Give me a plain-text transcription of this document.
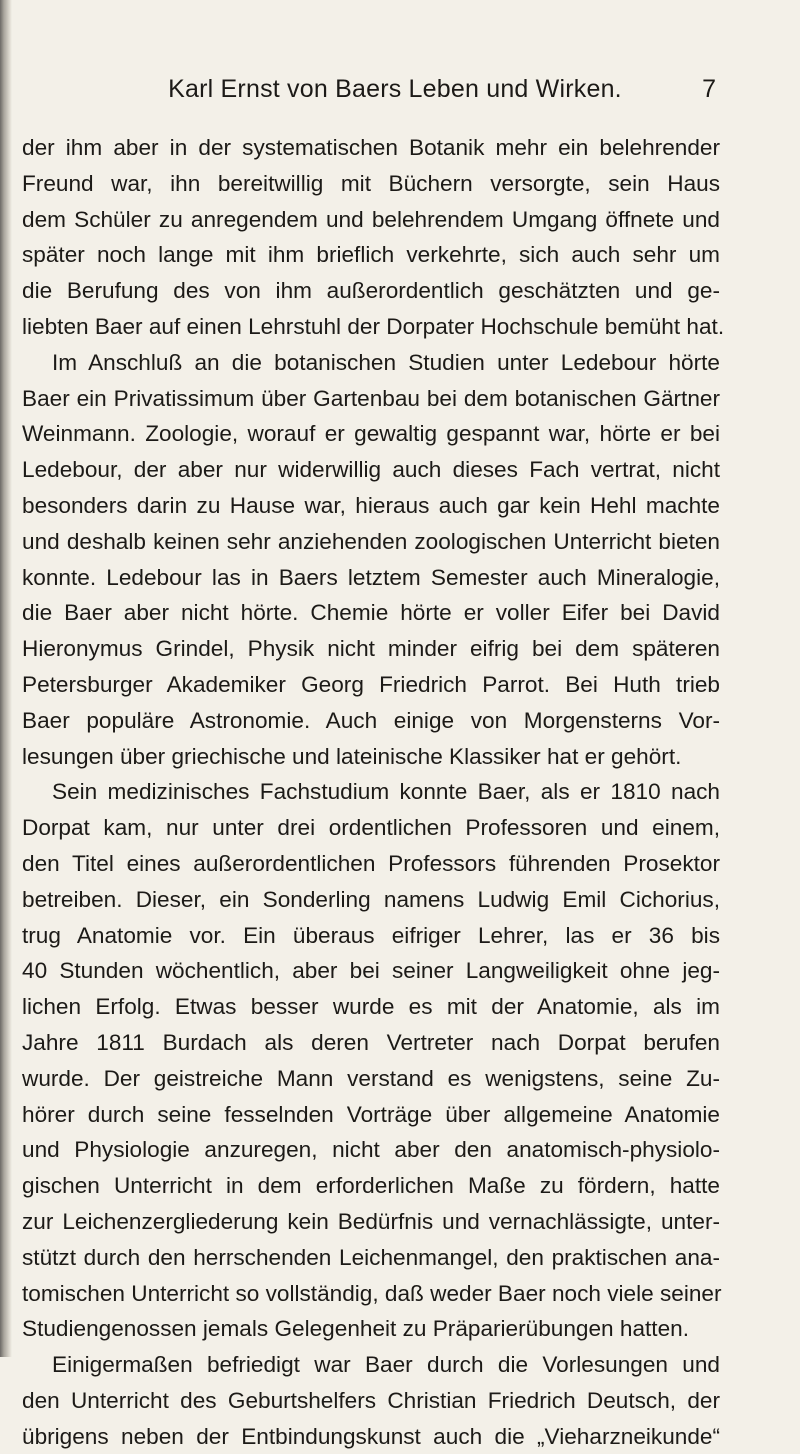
Karl Ernst von Baers Leben und Wirken.	7
der ihm aber in der systematischen Botanik mehr ein belehrender
Freund war, ihn bereitwillig mit Büchern versorgte, sein Haus
dem Schüler zu anregendem und belehrendem Umgang öffnete und
später noch lange mit ihm brieflich verkehrte, sich auch sehr um
die Berufung des von ihm außerordentlich geschätzten und ge-
liebten Baer auf einen Lehrstuhl der Dorpater Hochschule bemüht hat.
Im Anschluß an die botanischen Studien unter Ledebour hörte
Baer ein Privatissimum über Gartenbau bei dem botanischen Gärtner
Weinmann. Zoologie, worauf er gewaltig gespannt war, hörte er bei
Ledebour, der aber nur widerwillig auch dieses Fach vertrat, nicht
besonders darin zu Hause war, hieraus auch gar kein Hehl machte
und deshalb keinen sehr anziehenden zoologischen Unterricht bieten
konnte. Ledebour las in Baers letztem Semester auch Mineralogie,
die Baer aber nicht hörte. Chemie hörte er voller Eifer bei David
Hieronymus Grindel, Physik nicht minder eifrig bei dem späteren
Petersburger Akademiker Georg Friedrich Parrot. Bei Huth trieb
Baer populäre Astronomie. Auch einige von Morgensterns Vor-
lesungen über griechische und lateinische Klassiker hat er gehört.
Sein medizinisches Fachstudium konnte Baer, als er 1810 nach
Dorpat kam, nur unter drei ordentlichen Professoren und einem,
den Titel eines außerordentlichen Professors führenden Prosektor
betreiben. Dieser, ein Sonderling namens Ludwig Emil Cichorius,
trug Anatomie vor. Ein überaus eifriger Lehrer, las er 36 bis
40 Stunden wöchentlich, aber bei seiner Langweiligkeit ohne jeg-
lichen Erfolg. Etwas besser wurde es mit der Anatomie, als im
Jahre 1811 Burdach als deren Vertreter nach Dorpat berufen
wurde. Der geistreiche Mann verstand es wenigstens, seine Zu-
hörer durch seine fesselnden Vorträge über allgemeine Anatomie
und Physiologie anzuregen, nicht aber den anatomisch-physiolo-
gischen Unterricht in dem erforderlichen Maße zu fördern, hatte
zur Leichenzergliederung kein Bedürfnis und vernachlässigte, unter-
stützt durch den herrschenden Leichenmangel, den praktischen ana-
tomischen Unterricht so vollständig, daß weder Baer noch viele seiner
Studiengenossen jemals Gelegenheit zu Präparierübungen hatten.
Einigermaßen befriedigt war Baer durch die Vorlesungen und
den Unterricht des Geburtshelfers Christian Friedrich Deutsch, der
übrigens neben der Entbindungskunst auch die „Vieharzneikunde“
